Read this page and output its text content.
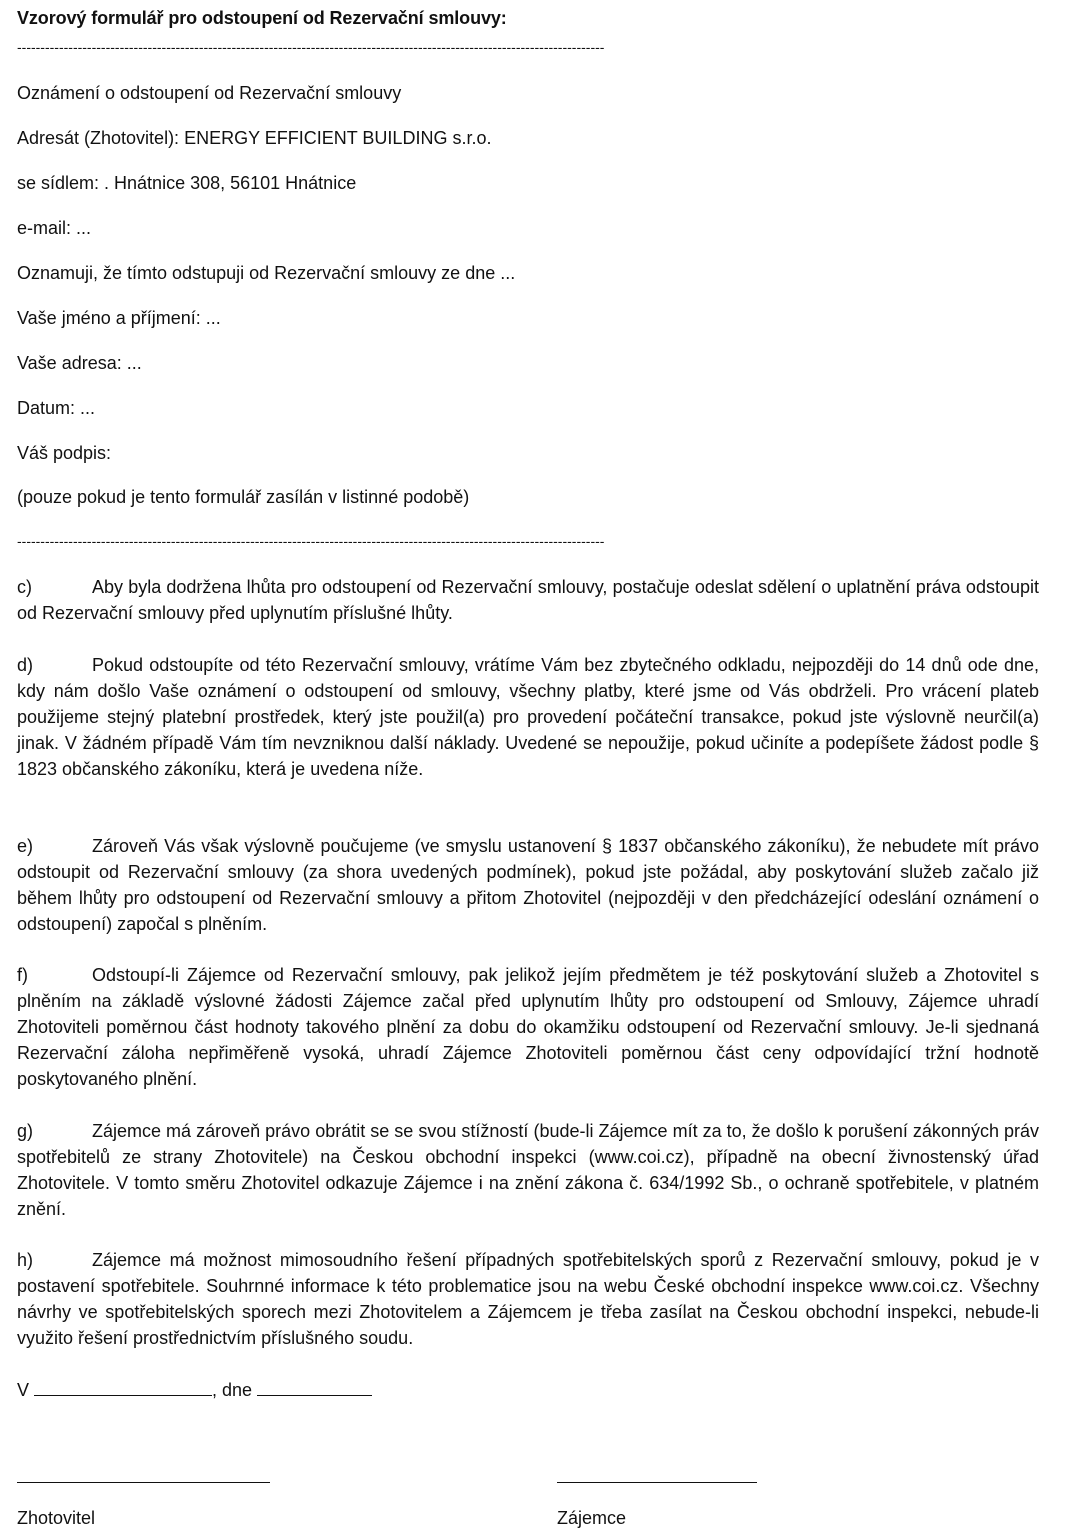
Vzorový formulář pro odstoupení od Rezervační smlouvy:
------------------------------------------------------------------------------------------------------------------------------
Oznámení o odstoupení od Rezervační smlouvy
Adresát (Zhotovitel): ENERGY EFFICIENT BUILDING s.r.o.
se sídlem: . Hnátnice 308, 56101 Hnátnice
e-mail: ...
Oznamuji, že tímto odstupuji od Rezervační smlouvy ze dne ...
Vaše jméno a příjmení: ...
Vaše adresa: ...
Datum: ...
Váš podpis:
(pouze pokud je tento formulář zasílán v listinné podobě)
------------------------------------------------------------------------------------------------------------------------------
c)	Aby byla dodržena lhůta pro odstoupení od Rezervační smlouvy, postačuje odeslat sdělení o uplatnění práva odstoupit od Rezervační smlouvy před uplynutím příslušné lhůty.
d)	Pokud odstoupíte od této Rezervační smlouvy, vrátíme Vám bez zbytečného odkladu, nejpozději do 14 dnů ode dne, kdy nám došlo Vaše oznámení o odstoupení od smlouvy, všechny platby, které jsme od Vás obdrželi. Pro vrácení plateb použijeme stejný platební prostředek, který jste použil(a) pro provedení počáteční transakce, pokud jste výslovně neurčil(a) jinak. V žádném případě Vám tím nevzniknou další náklady. Uvedené se nepoužije, pokud učiníte a podepíšete žádost podle § 1823 občanského zákoníku, která je uvedena níže.
e)	Zároveň Vás však výslovně poučujeme (ve smyslu ustanovení § 1837 občanského zákoníku), že nebudete mít právo odstoupit od Rezervační smlouvy (za shora uvedených podmínek), pokud jste požádal, aby poskytování služeb začalo již během lhůty pro odstoupení od Rezervační smlouvy a přitom Zhotovitel (nejpozději v den předcházející odeslání oznámení o odstoupení) započal s plněním.
f)	Odstoupí-li Zájemce od Rezervační smlouvy, pak jelikož jejím předmětem je též poskytování služeb a Zhotovitel s plněním na základě výslovné žádosti Zájemce začal před uplynutím lhůty pro odstoupení od Smlouvy, Zájemce uhradí Zhotoviteli poměrnou část hodnoty takového plnění za dobu do okamžiku odstoupení od Rezervační smlouvy. Je-li sjednaná Rezervační záloha nepřiměřeně vysoká, uhradí Zájemce Zhotoviteli poměrnou část ceny odpovídající tržní hodnotě poskytovaného plnění.
g)	Zájemce má zároveň právo obrátit se se svou stížností (bude-li Zájemce mít za to, že došlo k porušení zákonných práv spotřebitelů ze strany Zhotovitele) na Českou obchodní inspekci (www.coi.cz), případně na obecní živnostenský úřad Zhotovitele. V tomto směru Zhotovitel odkazuje Zájemce i na znění zákona č. 634/1992 Sb., o ochraně spotřebitele, v platném znění.
h)	Zájemce má možnost mimosoudního řešení případných spotřebitelských sporů z Rezervační smlouvy, pokud je v postavení spotřebitele. Souhrnné informace k této problematice jsou na webu České obchodní inspekce www.coi.cz. Všechny návrhy ve spotřebitelských sporech mezi Zhotovitelem a Zájemcem je třeba zasílat na Českou obchodní inspekci, nebude-li využito řešení prostřednictvím příslušného soudu.
V	, dne
Zhotovitel	Zájemce
